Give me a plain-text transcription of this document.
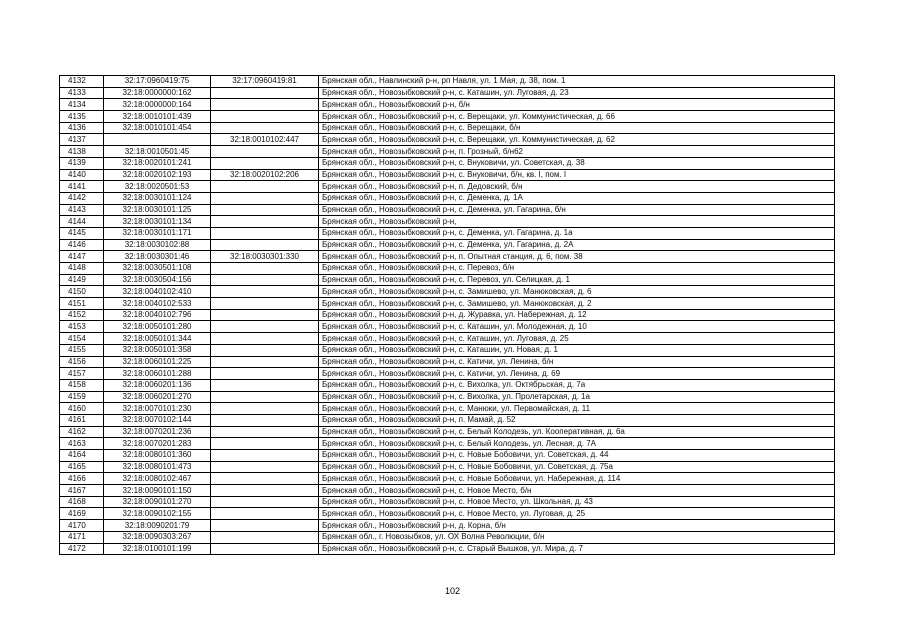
4132	32:17:0960419:75	32:17:0960419:81	Брянская обл., Навлинский р-н, рп Навля, ул. 1 Мая, д. 38, пом. 1
4133	32:18:0000000:162		Брянская обл., Новозыбковский р-н, с. Каташин, ул. Луговая, д. 23
4134	32:18:0000000:164		Брянская обл., Новозыбковский р-н, б/н
4135	32:18:0010101:439		Брянская обл., Новозыбковский р-н, с. Верещаки, ул. Коммунистическая, д. 66
4136	32:18:0010101:454		Брянская обл., Новозыбковский р-н, с. Верещаки, б/н
4137		32:18:0010102:447	Брянская обл., Новозыбковский р-н, с. Верещаки, ул. Коммунистическая, д. 62
4138	32:18:0010501:45		Брянская обл., Новозыбковский р-н, п. Грозный, б/н62
4139	32:18:0020101:241		Брянская обл., Новозыбковский р-н, с. Внуковичи, ул. Советская, д. 38
4140	32:18:0020102:193	32:18:0020102:206	Брянская обл., Новозыбковский р-н, с. Внуковичи, б/н, кв. I, пом. I
4141	32:18:0020501:53		Брянская обл., Новозыбковский р-н, п. Дедовский, б/н
4142	32:18:0030101:124		Брянская обл., Новозыбковский р-н, с. Деменка, д. 1А
4143	32:18:0030101:125		Брянская обл., Новозыбковский р-н, с. Деменка, ул. Гагарина, б/н
4144	32:18:0030101:134		Брянская обл., Новозыбковский р-н,
4145	32:18:0030101:171		Брянская обл., Новозыбковский р-н, с. Деменка, ул. Гагарина, д. 1а
4146	32:18:0030102:88		Брянская обл., Новозыбковский р-н, с. Деменка, ул. Гагарина, д. 2А
4147	32:18:0030301:46	32:18:0030301:330	Брянская обл., Новозыбковский р-н, п. Опытная станция, д. 6, пом. 38
4148	32:18:0030501:108		Брянская обл., Новозыбковский р-н, с. Перевоз, б/н
4149	32:18:0030504:156		Брянская обл., Новозыбковский р-н, с. Перевоз, ул. Селицкая, д. 1
4150	32:18:0040102:410		Брянская обл., Новозыбковский р-н, с. Замишево, ул. Манюковская, д. 6
4151	32:18:0040102:533		Брянская обл., Новозыбковский р-н, с. Замишево, ул. Манюковская, д. 2
4152	32:18:0040102:796		Брянская обл., Новозыбковский р-н, д. Журавка, ул. Набережная, д. 12
4153	32:18:0050101:280		Брянская обл., Новозыбковский р-н, с. Каташин, ул. Молодежная, д. 10
4154	32:18:0050101:344		Брянская обл., Новозыбковский р-н, с. Каташин, ул. Луговая, д. 25
4155	32:18:0050101:358		Брянская обл., Новозыбковский р-н, с. Каташин, ул. Новая, д. 1
4156	32:18:0060101:225		Брянская обл., Новозыбковский р-н, с. Катичи, ул. Ленина, б/н
4157	32:18:0060101:288		Брянская обл., Новозыбковский р-н, с. Катичи, ул. Ленина, д. 69
4158	32:18:0060201:136		Брянская обл., Новозыбковский р-н, с. Вихолка, ул. Октябрьская, д. 7а
4159	32:18:0060201:270		Брянская обл., Новозыбковский р-н, с. Вихолка, ул. Пролетарская, д. 1а
4160	32:18:0070101:230		Брянская обл., Новозыбковский р-н, с. Манюки, ул. Первомайская, д. 11
4161	32:18:0070102:144		Брянская обл., Новозыбковский р-н, п. Мамай, д. 52
4162	32:18:0070201:236		Брянская обл., Новозыбковский р-н, с. Белый Колодезь, ул. Кооперативная, д. 6а
4163	32:18:0070201:283		Брянская обл., Новозыбковский р-н, с. Белый Колодезь, ул. Лесная, д. 7А
4164	32:18:0080101:360		Брянская обл., Новозыбковский р-н, с. Новые Бобовичи, ул. Советская, д. 44
4165	32:18:0080101:473		Брянская обл., Новозыбковский р-н, с. Новые Бобовичи, ул. Советская, д. 75а
4166	32:18:0080102:467		Брянская обл., Новозыбковский р-н, с. Новые Бобовичи, ул. Набережная, д. 114
4167	32:18:0090101:150		Брянская обл., Новозыбковский р-н, с. Новое Место, б/н
4168	32:18:0090101:270		Брянская обл., Новозыбковский р-н, с. Новое Место, ул. Школьная, д. 43
4169	32:18:0090102:155		Брянская обл., Новозыбковский р-н, с. Новое Место, ул. Луговая, д. 25
4170	32:18:0090201:79		Брянская обл., Новозыбковский р-н, д. Корна, б/н
4171	32:18:0090303:267		Брянская обл., г. Новозыбков, ул. ОХ Волна Революции, б/н
4172	32:18:0100101:199		Брянская обл., Новозыбковский р-н, с. Старый Вышков, ул. Мира, д. 7
102
